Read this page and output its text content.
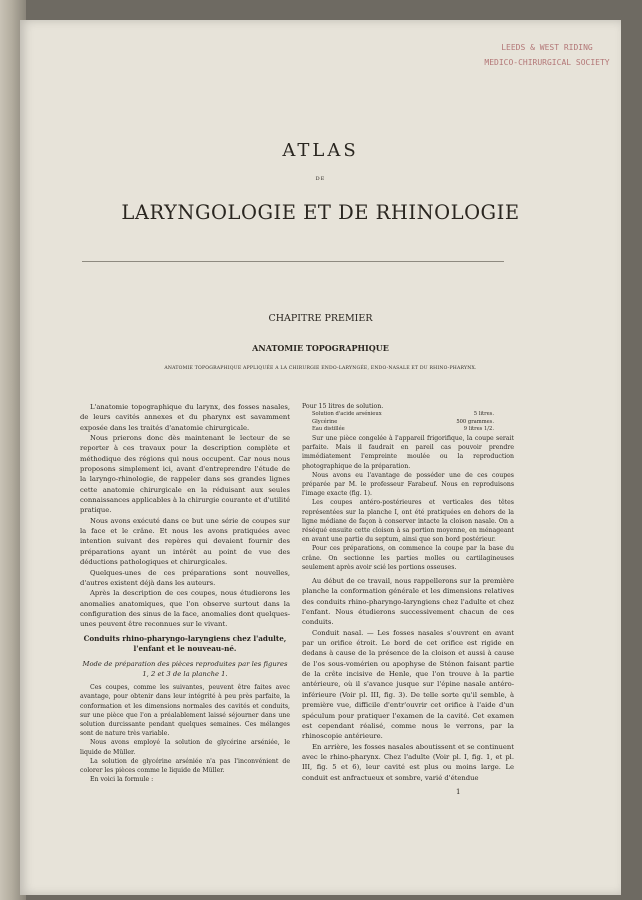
LEEDS & WEST RIDING
MEDICO-CHIRURGICAL SOCIETY
ATLAS
DE
LARYNGOLOGIE ET DE RHINOLOGIE
CHAPITRE PREMIER
ANATOMIE TOPOGRAPHIQUE
ANATOMIE TOPOGRAPHIQUE APPLIQUÉE A LA CHIRURGIE ENDO-LARYNGÉE, ENDO-NASALE ET DU RHINO-PHARYNX.

L'anatomie topographique du larynx, des fosses nasales, de leurs cavités annexes et du pharynx est savamment exposée dans les traités d'anatomie chirurgicale.

Nous prierons donc dès maintenant le lecteur de se reporter à ces travaux pour la description complète et méthodique des régions qui nous occupent. Car nous nous proposons simplement ici, avant d'entreprendre l'étude de la laryngo-rhinologie, de rappeler dans ses grandes lignes cette anatomie chirurgicale en la réduisant aux seules connaissances applicables à la chirurgie courante et d'utilité pratique.

Nous avons exécuté dans ce but une série de coupes sur la face et le crâne. Et nous les avons pratiquées avec intention suivant des repères qui devaient fournir des préparations ayant un intérêt au point de vue des déductions pathologiques et chirurgicales.

Quelques-unes de ces préparations sont nouvelles, d'autres existent déjà dans les auteurs.

Après la description de ces coupes, nous étudierons les anomalies anatomiques, que l'on observe surtout dans la configuration des sinus de la face, anomalies dont quelques-unes peuvent être reconnues sur le vivant.

Conduits rhino-pharyngo-laryngiens chez l'adulte, l'enfant et le nouveau-né.

Mode de préparation des pièces reproduites par les figures 1, 2 et 3 de la planche 1.

Ces coupes, comme les suivantes, peuvent être faites avec avantage, pour obtenir dans leur intégrité à peu près parfaite, la conformation et les dimensions normales des cavités et conduits, sur une pièce que l'on a préalablement laissé séjourner dans une solution durcissante pendant quelques semaines. Ces mélanges sont de nature très variable.

Nous avons employé la solution de glycérine arséniée, le liquide de Müller.

La solution de glycérine arséniée n'a pas l'inconvénient de colorer les pièces comme le liquide de Müller.

En voici la formule :

Pour 15 litres de solution.

Solution d'acide arsénieux	5 litres.
Glycérine	500 grammes.
Eau distillée	9 litres 1/2.

Sur une pièce congelée à l'appareil frigorifique, la coupe serait parfaite. Mais il faudrait en pareil cas pouvoir prendre immédiatement l'empreinte moulée ou la reproduction photographique de la préparation.

Nous avons eu l'avantage de posséder une de ces coupes préparée par M. le professeur Farabeuf. Nous en reproduisons l'image exacte (fig. 1).

Les coupes antéro-postérieures et verticales des têtes représentées sur la planche I, ont été pratiquées en dehors de la ligne médiane de façon à conserver intacte la cloison nasale. On a réséqué ensuite cette cloison à sa portion moyenne, en ménageant en avant une partie du septum, ainsi que son bord postérieur.

Pour ces préparations, on commence la coupe par la base du crâne. On sectionne les parties molles ou cartilagineuses seulement après avoir scié les portions osseuses.

Au début de ce travail, nous rappellerons sur la première planche la conformation générale et les dimensions relatives des conduits rhino-pharyngo-laryngiens chez l'adulte et chez l'enfant. Nous étudierons successivement chacun de ces conduits.

Conduit nasal. — Les fosses nasales s'ouvrent en avant par un orifice étroit. Le bord de cet orifice est rigide en dedans à cause de la présence de la cloison et aussi à cause de l'os sous-vomérien ou apophyse de Sténon faisant partie de la crête incisive de Henle, que l'on trouve à la partie antérieure, où il s'avance jusque sur l'épine nasale antéro-inférieure (Voir pl. III, fig. 3). De telle sorte qu'il semble, à première vue, difficile d'entr'ouvrir cet orifice à l'aide d'un spéculum pour pratiquer l'examen de la cavité. Cet examen est cependant réalisé, comme nous le verrons, par la rhinoscopie antérieure.

En arrière, les fosses nasales aboutissent et se continuent avec le rhino-pharynx. Chez l'adulte (Voir pl. I, fig. 1, et pl. III, fig. 5 et 6), leur cavité est plus ou moins large. Le conduit est anfractueux et sombre, varié d'étendue

1
